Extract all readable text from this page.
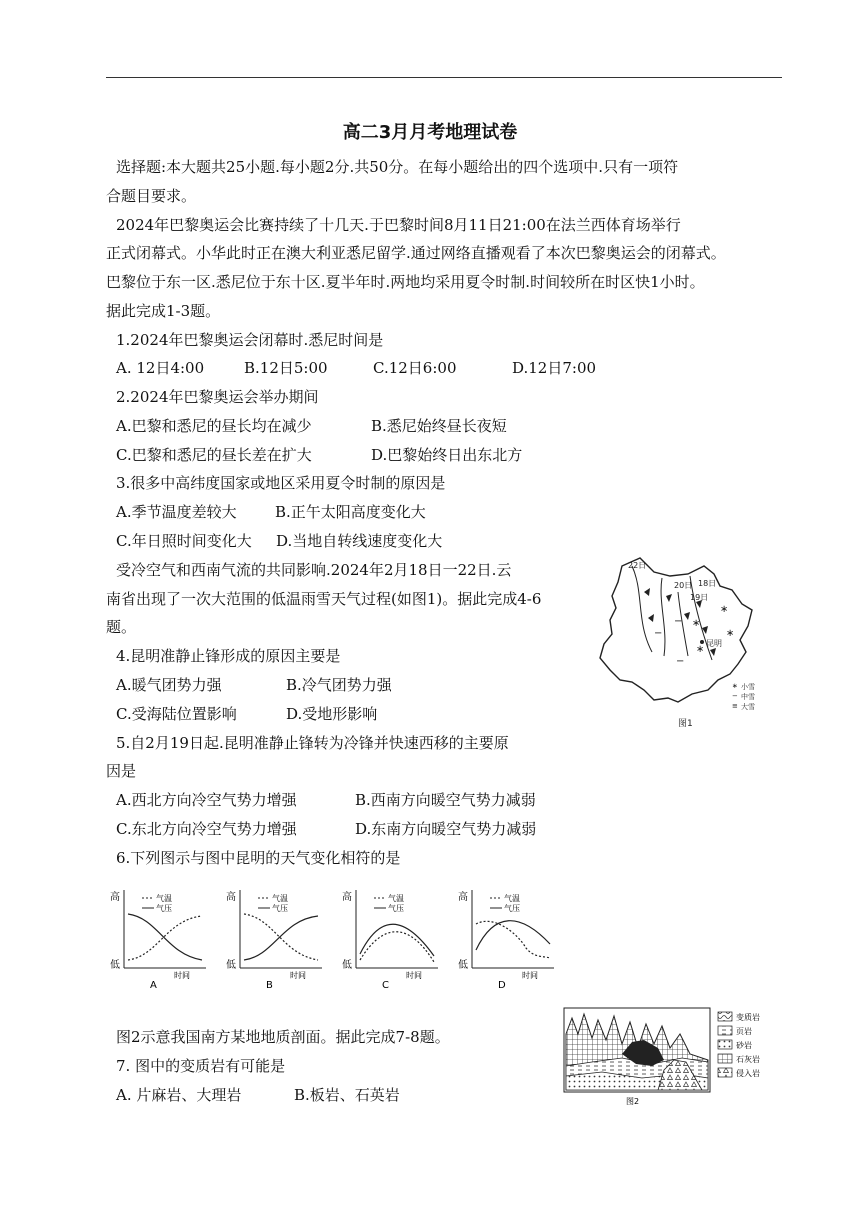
高二3月月考地理试卷
选择题:本大题共25小题.每小题2分.共50分。在每小题给出的四个选项中.只有一项符
合题目要求。
2024年巴黎奥运会比赛持续了十几天.于巴黎时间8月11日21:00在法兰西体育场举行
正式闭幕式。小华此时正在澳大利亚悉尼留学.通过网络直播观看了本次巴黎奥运会的闭幕式。
巴黎位于东一区.悉尼位于东十区.夏半年时.两地均采用夏令时制.时间较所在时区快1小时。
据此完成1-3题。
1.2024年巴黎奥运会闭幕时.悉尼时间是
A. 12日4:00	B.12日5:00	C.12日6:00	D.12日7:00
2.2024年巴黎奥运会举办期间
A.巴黎和悉尼的昼长均在减少	B.悉尼始终昼长夜短
C.巴黎和悉尼的昼长差在扩大	D.巴黎始终日出东北方
3.很多中高纬度国家或地区采用夏令时制的原因是
A.季节温度差较大	B.正午太阳高度变化大
C.年日照时间变化大 D.当地自转线速度变化大
受冷空气和西南气流的共同影响.2024年2月18日一22日.云
南省出现了一次大范围的低温雨雪天气过程(如图1)。据此完成4-6
题。
4.昆明准静止锋形成的原因主要是
A.暖气团势力强	B.冷气团势力强
C.受海陆位置影响	D.受地形影响
5.自2月19日起.昆明准静止锋转为冷锋并快速西移的主要原
因是
A.西北方向冷空气势力增强	B.西南方向暖空气势力减弱
C.东北方向冷空气势力增强	D.东南方向暖空气势力减弱
6.下列图示与图中昆明的天气变化相符的是
−
− ∗
∗
∗
∗
−
22日
20日 18日
19日
昆明
∗ 小雪
− 中雪
≡ 大雪
图1
高
低
气温
气压
时间
A
高
低
气温
气压
时间
B
高
低
气温
气压
时间
C
高
低
气温
气压
时间
D
图2示意我国南方某地地质剖面。据此完成7-8题。
7. 图中的变质岩有可能是
A. 片麻岩、大理岩	B.板岩、石英岩
变质岩
页岩
砂岩
石灰岩
侵入岩
图2
